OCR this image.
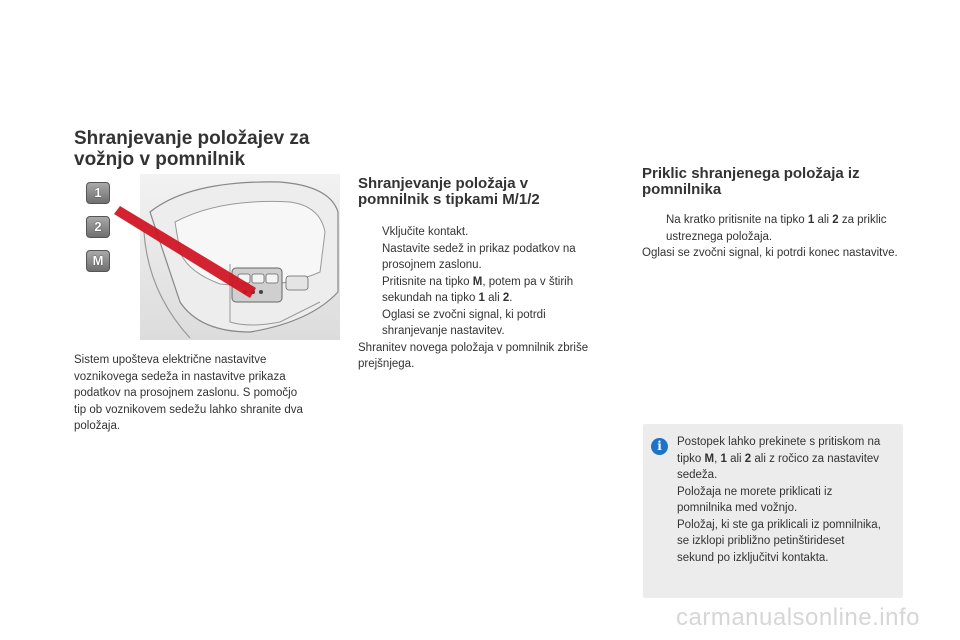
Shranjevanje položajev za
vožnjo v pomnilnik
1
2
M
Sistem upošteva električne nastavitve
voznikovega sedeža in nastavitve prikaza
podatkov na prosojnem zaslonu. S pomočjo
tip ob voznikovem sedežu lahko shranite dva
položaja.
Shranjevanje položaja v
pomnilnik s tipkami M/1/2
Vključite kontakt.
Nastavite sedež in prikaz podatkov na
prosojnem zaslonu.
Pritisnite na tipko M, potem pa v štirih
sekundah na tipko 1 ali 2.
Oglasi se zvočni signal, ki potrdi
shranjevanje nastavitev.
Shranitev novega položaja v pomnilnik zbriše
prejšnjega.
Priklic shranjenega položaja iz
pomnilnika
Na kratko pritisnite na tipko 1 ali 2 za priklic
ustreznega položaja.
Oglasi se zvočni signal, ki potrdi konec nastavitve.
i	Postopek lahko prekinete s pritiskom na
tipko M, 1 ali 2 ali z ročico za nastavitev
sedeža.
Položaja ne morete priklicati iz
pomnilnika med vožnjo.
Položaj, ki ste ga priklicali iz pomnilnika,
se izklopi približno petinštirideset
sekund po izključitvi kontakta.
carmanualsonline.info
